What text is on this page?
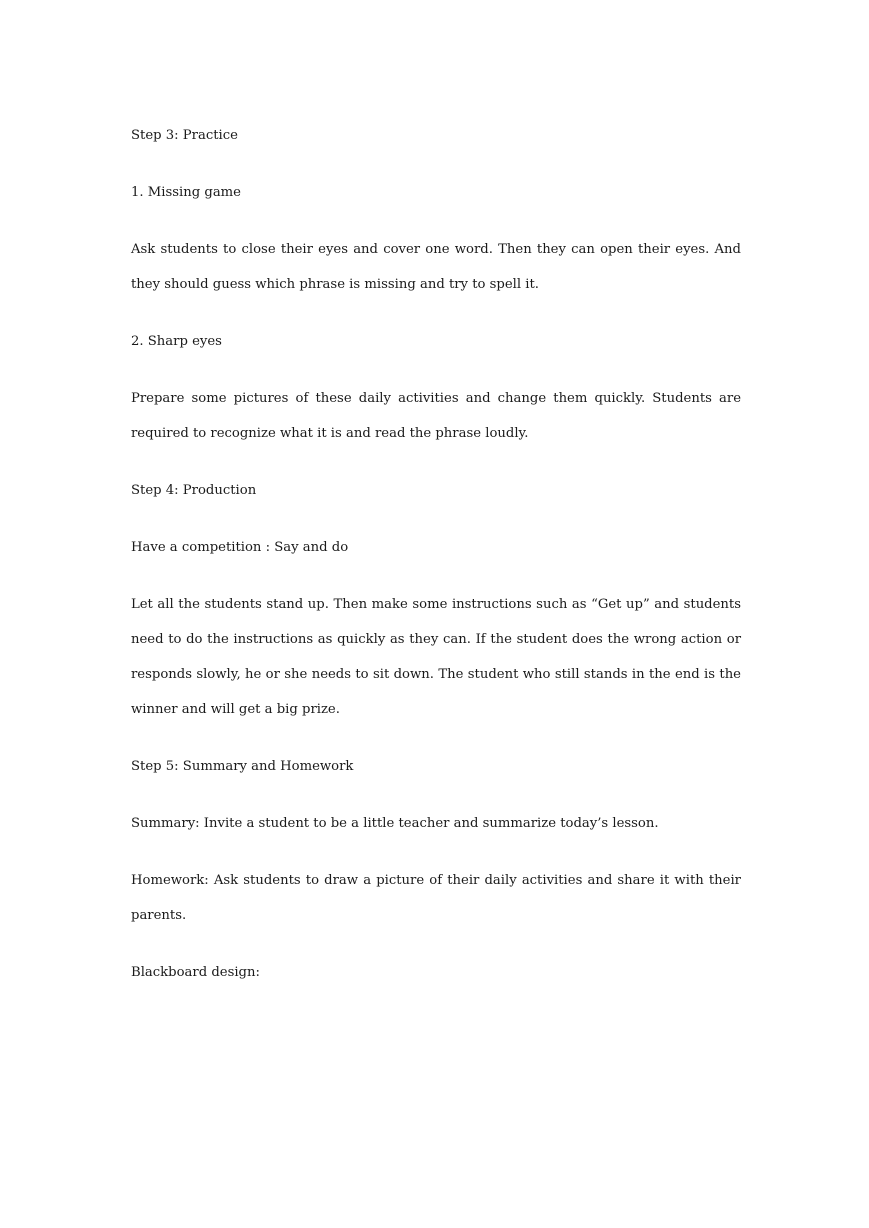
Step 3: Practice

1. Missing game

Ask students to close their eyes and cover one word. Then they can open their eyes. And they should guess which phrase is missing and try to spell it.

2. Sharp eyes

Prepare some pictures of these daily activities and change them quickly. Students are required to recognize what it is and read the phrase loudly.

Step 4: Production

Have a competition : Say and do

Let all the students stand up. Then make some instructions such as “Get up” and students need to do the instructions as quickly as they can. If the student does the wrong action or responds slowly, he or she needs to sit down. The student who still stands in the end is the winner and will get a big prize.

Step 5: Summary and Homework

Summary: Invite a student to be a little teacher and summarize today’s lesson.

Homework: Ask students to draw a picture of their daily activities and share it with their parents.

Blackboard design:
